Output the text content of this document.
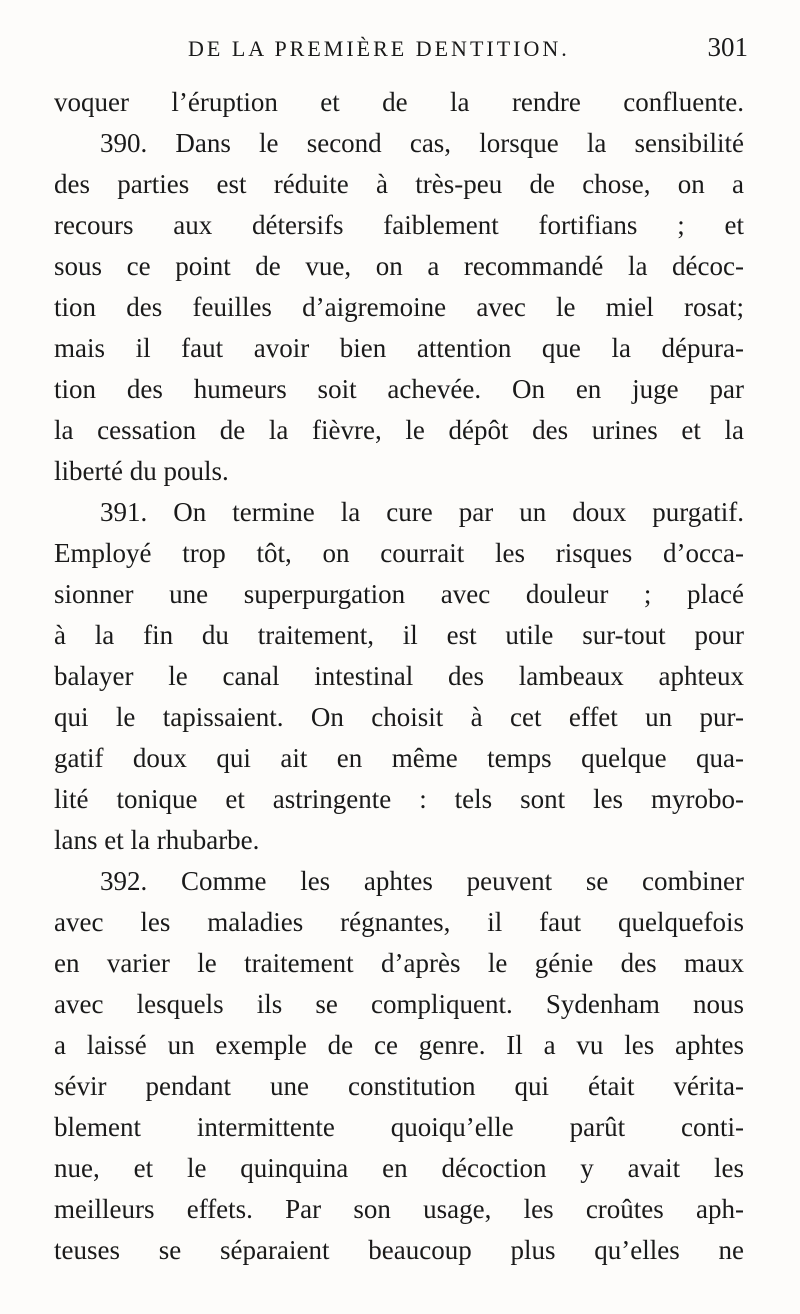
DE LA PREMIÈRE DENTITION.	301
voquer l’éruption et de la rendre confluente.
390. Dans le second cas, lorsque la sensibilité
des parties est réduite à très-peu de chose, on a
recours aux détersifs faiblement fortifians ; et
sous ce point de vue, on a recommandé la décoc-
tion des feuilles d’aigremoine avec le miel rosat;
mais il faut avoir bien attention que la dépura-
tion des humeurs soit achevée. On en juge par
la cessation de la fièvre, le dépôt des urines et la
liberté du pouls.
391. On termine la cure par un doux purgatif.
Employé trop tôt, on courrait les risques d’occa-
sionner une superpurgation avec douleur ; placé
à la fin du traitement, il est utile sur-tout pour
balayer le canal intestinal des lambeaux aphteux
qui le tapissaient. On choisit à cet effet un pur-
gatif doux qui ait en même temps quelque qua-
lité tonique et astringente : tels sont les myrobo-
lans et la rhubarbe.
392. Comme les aphtes peuvent se combiner
avec les maladies régnantes, il faut quelquefois
en varier le traitement d’après le génie des maux
avec lesquels ils se compliquent. Sydenham nous
a laissé un exemple de ce genre. Il a vu les aphtes
sévir pendant une constitution qui était vérita-
blement intermittente quoiqu’elle parût conti-
nue, et le quinquina en décoction y avait les
meilleurs effets. Par son usage, les croûtes aph-
teuses se séparaient beaucoup plus qu’elles ne
